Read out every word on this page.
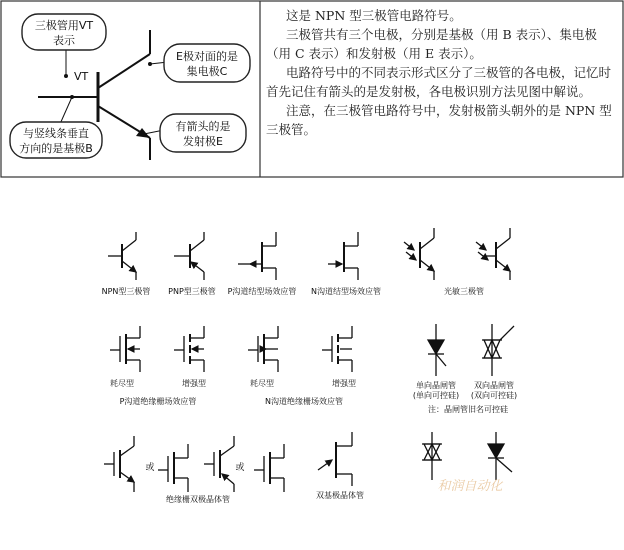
VT
三极管用VT
表示
E极对面的是
集电极C
与竖线条垂直
方向的是基极B
有箭头的是
发射极E

这是 NPN 型三极管电路符号。

三极管共有三个电极，分别是基极（用 B 表示）、集电极（用 C 表示）和发射极（用 E 表示）。

电路符号中的不同表示形式区分了三极管的各电极，记忆时首先记住有箭头的是发射极，各电极识别方法见图中解说。

注意，在三极管电路符号中，发射极箭头朝外的是 NPN 型三极管。

NPN型三极管 PNP型三极管 P沟道结型场效应管 N沟道结型场效应管	光敏三极管
耗尽型	增强型
P沟道绝缘栅场效应管
耗尽型	增强型
N沟道绝缘栅场效应管
单向晶闸管
(单向可控硅)
双向晶闸管
(双向可控硅)
注：晶闸管旧名可控硅
或	或
绝缘栅双极晶体管	双基极晶体管
和润自动化
